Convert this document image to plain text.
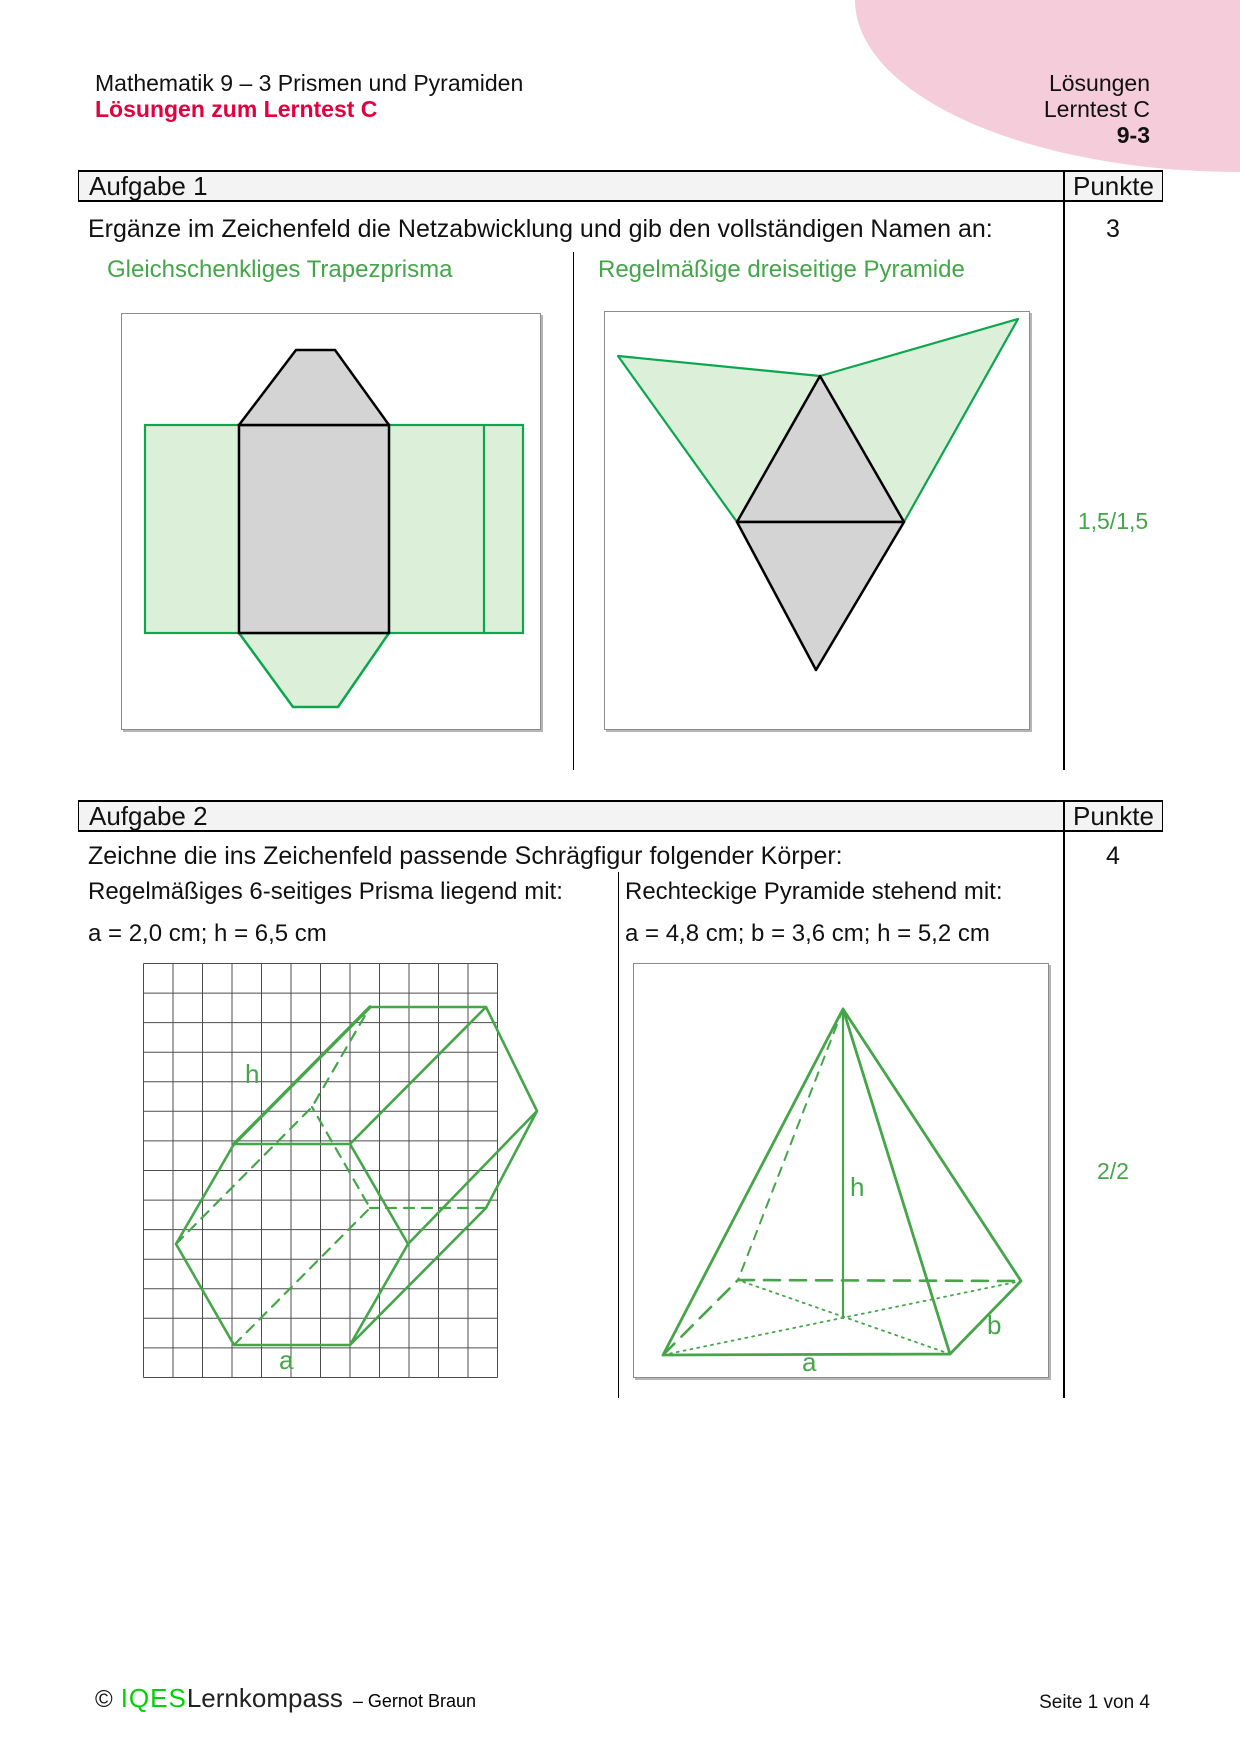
Mathematik 9 – 3 Prismen und Pyramiden
Lösungen zum Lerntest C
Lösungen
Lerntest C
9-3
Aufgabe 1	Punkte
Ergänze im Zeichenfeld die Netzabwicklung und gib den vollständigen Namen an:	3
Gleichschenkliges Trapezprisma	Regelmäßige dreiseitige Pyramide
1,5/1,5
Aufgabe 2	Punkte
Zeichne die ins Zeichenfeld passende Schrägfigur folgender Körper:	4
Regelmäßiges 6-seitiges Prisma liegend mit:
a = 2,0 cm; h = 6,5 cm
Rechteckige Pyramide stehend mit:
a = 4,8 cm; b = 3,6 cm; h = 5,2 cm
h
a
h
a
b
2/2
© IQES Lernkompass – Gernot Braun	Seite 1 von 4
